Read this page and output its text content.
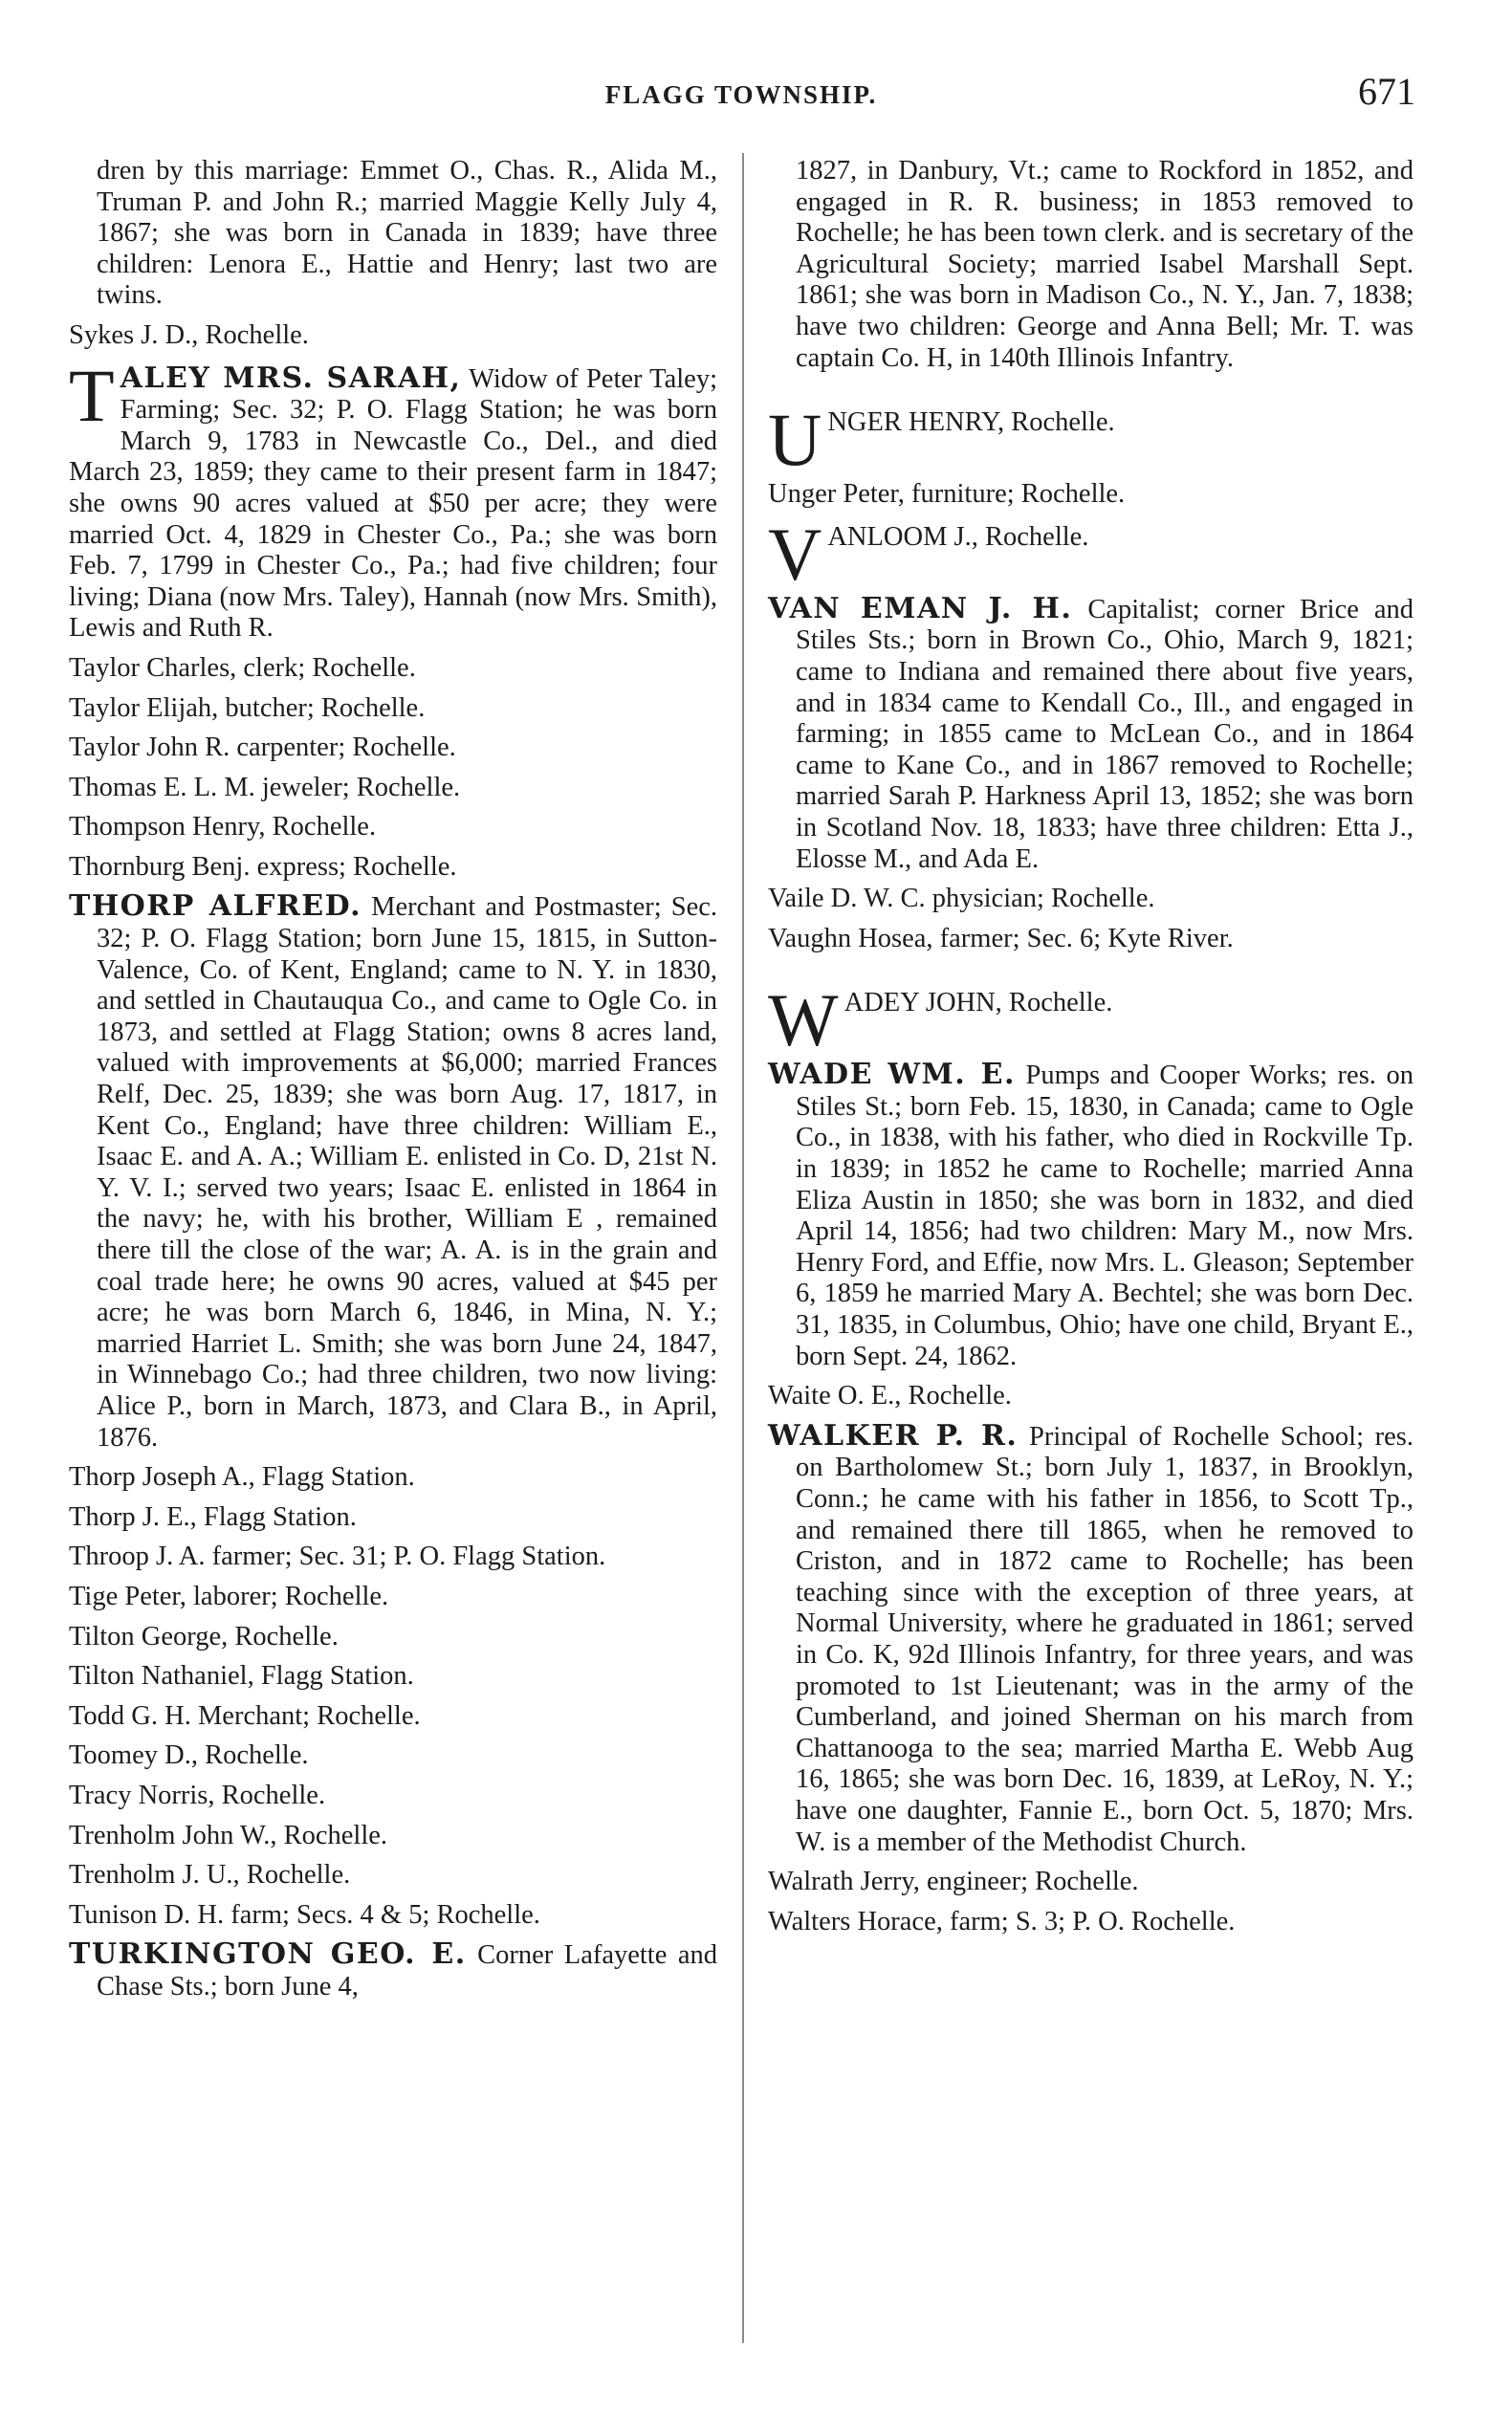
FLAGG TOWNSHIP.	671
dren by this marriage: Emmet O., Chas. R., Alida M., Truman P. and John R.; married Maggie Kelly July 4, 1867; she was born in Canada in 1839; have three children: Lenora E., Hattie and Henry; last two are twins.
Sykes J. D., Rochelle.
TALEY MRS. SARAH, Widow of Peter Taley; Farming; Sec. 32; P. O. Flagg Station; he was born March 9, 1783 in Newcastle Co., Del., and died March 23, 1859; they came to their present farm in 1847; she owns 90 acres valued at $50 per acre; they were married Oct. 4, 1829 in Chester Co., Pa.; she was born Feb. 7, 1799 in Chester Co., Pa.; had five children; four living; Diana (now Mrs. Taley), Hannah (now Mrs. Smith), Lewis and Ruth R.
Taylor Charles, clerk; Rochelle.
Taylor Elijah, butcher; Rochelle.
Taylor John R. carpenter; Rochelle.
Thomas E. L. M. jeweler; Rochelle.
Thompson Henry, Rochelle.
Thornburg Benj. express; Rochelle.
THORP ALFRED. Merchant and Postmaster; Sec. 32; P. O. Flagg Station; born June 15, 1815, in Sutton-Valence, Co. of Kent, England; came to N. Y. in 1830, and settled in Chautauqua Co., and came to Ogle Co. in 1873, and settled at Flagg Station; owns 8 acres land, valued with improvements at $6,000; married Frances Relf, Dec. 25, 1839; she was born Aug. 17, 1817, in Kent Co., England; have three children: William E., Isaac E. and A. A.; William E. enlisted in Co. D, 21st N. Y. V. I.; served two years; Isaac E. enlisted in 1864 in the navy; he, with his brother, William E , remained there till the close of the war; A. A. is in the grain and coal trade here; he owns 90 acres, valued at $45 per acre; he was born March 6, 1846, in Mina, N. Y.; married Harriet L. Smith; she was born June 24, 1847, in Winnebago Co.; had three children, two now living: Alice P., born in March, 1873, and Clara B., in April, 1876.
Thorp Joseph A., Flagg Station.
Thorp J. E., Flagg Station.
Throop J. A. farmer; Sec. 31; P. O. Flagg Station.
Tige Peter, laborer; Rochelle.
Tilton George, Rochelle.
Tilton Nathaniel, Flagg Station.
Todd G. H. Merchant; Rochelle.
Toomey D., Rochelle.
Tracy Norris, Rochelle.
Trenholm John W., Rochelle.
Trenholm J. U., Rochelle.
Tunison D. H. farm; Secs. 4 & 5; Rochelle.
TURKINGTON GEO. E. Corner Lafayette and Chase Sts.; born June 4,
1827, in Danbury, Vt.; came to Rockford in 1852, and engaged in R. R. business; in 1853 removed to Rochelle; he has been town clerk. and is secretary of the Agricultural Society; married Isabel Marshall Sept. 1861; she was born in Madison Co., N. Y., Jan. 7, 1838; have two children: George and Anna Bell; Mr. T. was captain Co. H, in 140th Illinois Infantry.
UNGER HENRY, Rochelle.
Unger Peter, furniture; Rochelle.
VANLOOM J., Rochelle.
VAN EMAN J. H. Capitalist; corner Brice and Stiles Sts.; born in Brown Co., Ohio, March 9, 1821; came to Indiana and remained there about five years, and in 1834 came to Kendall Co., Ill., and engaged in farming; in 1855 came to McLean Co., and in 1864 came to Kane Co., and in 1867 removed to Rochelle; married Sarah P. Harkness April 13, 1852; she was born in Scotland Nov. 18, 1833; have three children: Etta J., Elosse M., and Ada E.
Vaile D. W. C. physician; Rochelle.
Vaughn Hosea, farmer; Sec. 6; Kyte River.
WADEY JOHN, Rochelle.
WADE WM. E. Pumps and Cooper Works; res. on Stiles St.; born Feb. 15, 1830, in Canada; came to Ogle Co., in 1838, with his father, who died in Rockville Tp. in 1839; in 1852 he came to Rochelle; married Anna Eliza Austin in 1850; she was born in 1832, and died April 14, 1856; had two children: Mary M., now Mrs. Henry Ford, and Effie, now Mrs. L. Gleason; September 6, 1859 he married Mary A. Bechtel; she was born Dec. 31, 1835, in Columbus, Ohio; have one child, Bryant E., born Sept. 24, 1862.
Waite O. E., Rochelle.
WALKER P. R. Principal of Rochelle School; res. on Bartholomew St.; born July 1, 1837, in Brooklyn, Conn.; he came with his father in 1856, to Scott Tp., and remained there till 1865, when he removed to Criston, and in 1872 came to Rochelle; has been teaching since with the exception of three years, at Normal University, where he graduated in 1861; served in Co. K, 92d Illinois Infantry, for three years, and was promoted to 1st Lieutenant; was in the army of the Cumberland, and joined Sherman on his march from Chattanooga to the sea; married Martha E. Webb Aug 16, 1865; she was born Dec. 16, 1839, at LeRoy, N. Y.; have one daughter, Fannie E., born Oct. 5, 1870; Mrs. W. is a member of the Methodist Church.
Walrath Jerry, engineer; Rochelle.
Walters Horace, farm; S. 3; P. O. Rochelle.
